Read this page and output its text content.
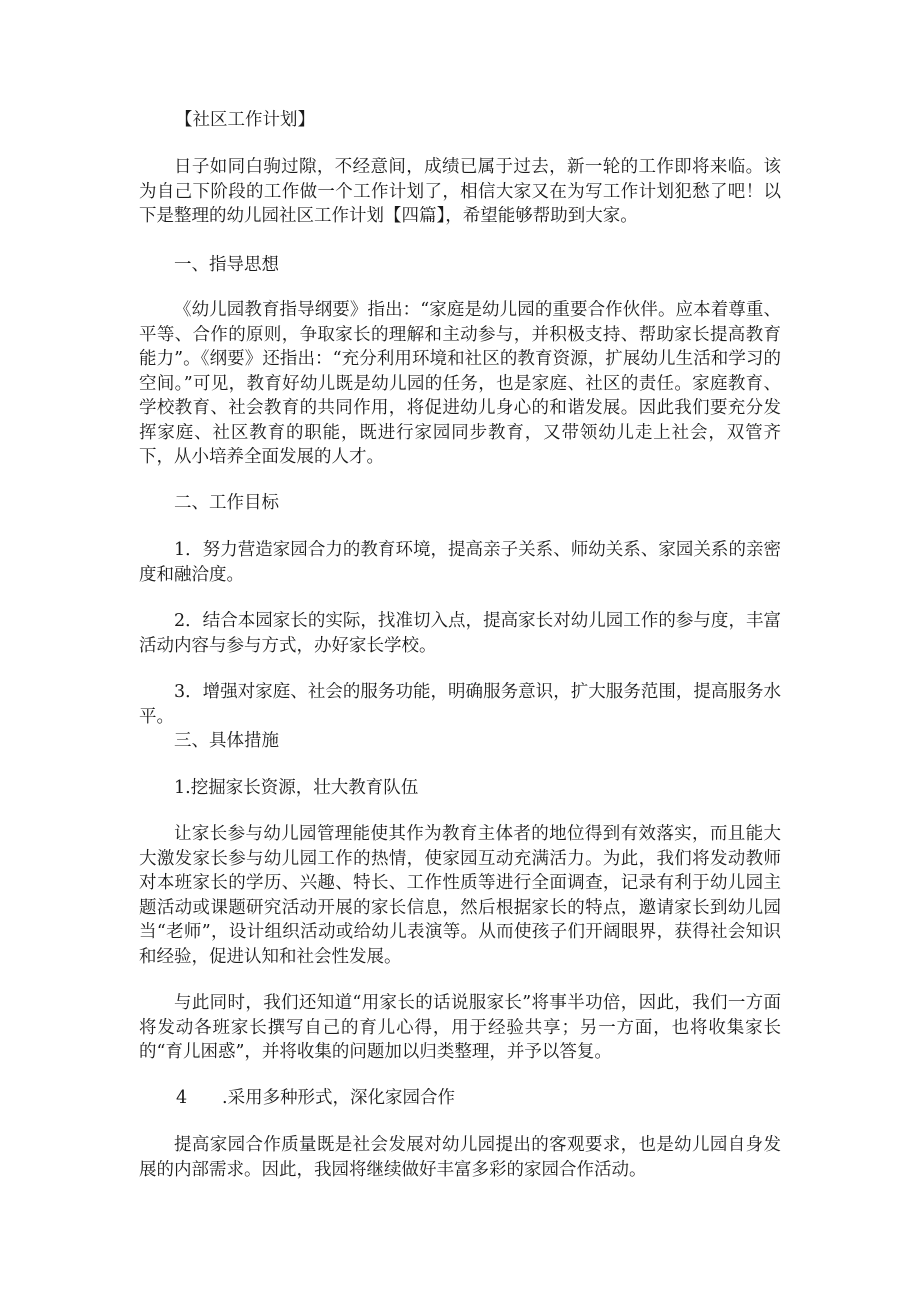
【社区工作计划】
日子如同白驹过隙，不经意间，成绩已属于过去，新一轮的工作即将来临。该为自己下阶段的工作做一个工作计划了，相信大家又在为写工作计划犯愁了吧！以下是整理的幼儿园社区工作计划【四篇】，希望能够帮助到大家。
一、指导思想
《幼儿园教育指导纲要》指出：“家庭是幼儿园的重要合作伙伴。应本着尊重、平等、合作的原则，争取家长的理解和主动参与，并积极支持、帮助家长提高教育能力”。《纲要》还指出：“充分利用环境和社区的教育资源，扩展幼儿生活和学习的空间。”可见，教育好幼儿既是幼儿园的任务，也是家庭、社区的责任。家庭教育、学校教育、社会教育的共同作用，将促进幼儿身心的和谐发展。因此我们要充分发挥家庭、社区教育的职能，既进行家园同步教育，又带领幼儿走上社会，双管齐下，从小培养全面发展的人才。
二、工作目标
1．努力营造家园合力的教育环境，提高亲子关系、师幼关系、家园关系的亲密度和融洽度。
2．结合本园家长的实际，找准切入点，提高家长对幼儿园工作的参与度，丰富活动内容与参与方式，办好家长学校。
3．增强对家庭、社会的服务功能，明确服务意识，扩大服务范围，提高服务水平。
三、具体措施
1.挖掘家长资源，壮大教育队伍
让家长参与幼儿园管理能使其作为教育主体者的地位得到有效落实，而且能大大激发家长参与幼儿园工作的热情，使家园互动充满活力。为此，我们将发动教师对本班家长的学历、兴趣、特长、工作性质等进行全面调查，记录有利于幼儿园主题活动或课题研究活动开展的家长信息，然后根据家长的特点，邀请家长到幼儿园当“老师”，设计组织活动或给幼儿表演等。从而使孩子们开阔眼界，获得社会知识和经验，促进认知和社会性发展。
与此同时，我们还知道“用家长的话说服家长”将事半功倍，因此，我们一方面将发动各班家长撰写自己的育儿心得，用于经验共享；另一方面，也将收集家长的“育儿困惑”，并将收集的问题加以归类整理，并予以答复。
4 .采用多种形式，深化家园合作
提高家园合作质量既是社会发展对幼儿园提出的客观要求，也是幼儿园自身发展的内部需求。因此，我园将继续做好丰富多彩的家园合作活动。
